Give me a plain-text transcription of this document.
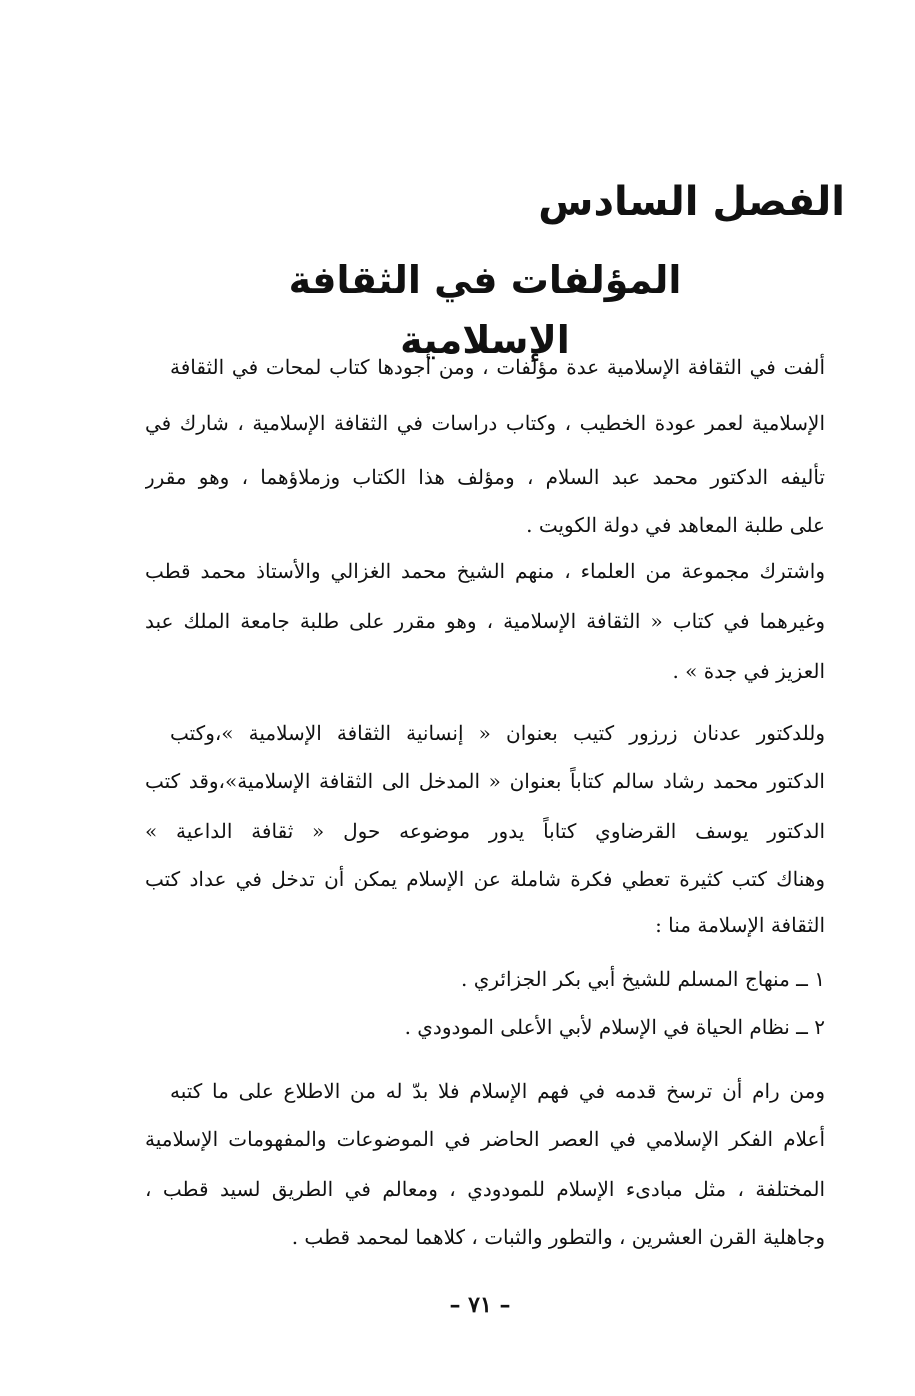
الفصل السادس
المؤلفات في الثقافة الإسلامية
ألفت في الثقافة الإسلامية عدة مؤلفات ، ومن أجودها كتاب لمحات في الثقافة
الإسلامية لعمر عودة الخطيب ، وكتاب دراسات في الثقافة الإسلامية ، شارك في
تأليفه الدكتور محمد عبد السلام ، ومؤلف هذا الكتاب وزملاؤهما ، وهو مقرر
على طلبة المعاهد في دولة الكويت .
واشترك مجموعة من العلماء ، منهم الشيخ محمد الغزالي والأستاذ محمد قطب
وغيرهما في كتاب « الثقافة الإسلامية ، وهو مقرر على طلبة جامعة الملك عبد
العزيز في جدة » .
وللدكتور عدنان زرزور كتيب بعنوان « إنسانية الثقافة الإسلامية »،وكتب
الدكتور محمد رشاد سالم كتاباً بعنوان « المدخل الى الثقافة الإسلامية»،وقد كتب
الدكتور يوسف القرضاوي كتاباً يدور موضوعه حول « ثقافة الداعية »
وهناك كتب كثيرة تعطي فكرة شاملة عن الإسلام يمكن أن تدخل في عداد كتب
الثقافة الإسلامة منا :
١ ــ منهاج المسلم للشيخ أبي بكر الجزائري .
٢ ــ نظام الحياة في الإسلام لأبي الأعلى المودودي .
ومن رام أن ترسخ قدمه في فهم الإسلام فلا بدّ له من الاطلاع على ما كتبه
أعلام الفكر الإسلامي في العصر الحاضر في الموضوعات والمفهومات الإسلامية
المختلفة ، مثل مبادىء الإسلام للمودودي ، ومعالم في الطريق لسيد قطب ،
وجاهلية القرن العشرين ، والتطور والثبات ، كلاهما لمحمد قطب .
– ٧١ –
